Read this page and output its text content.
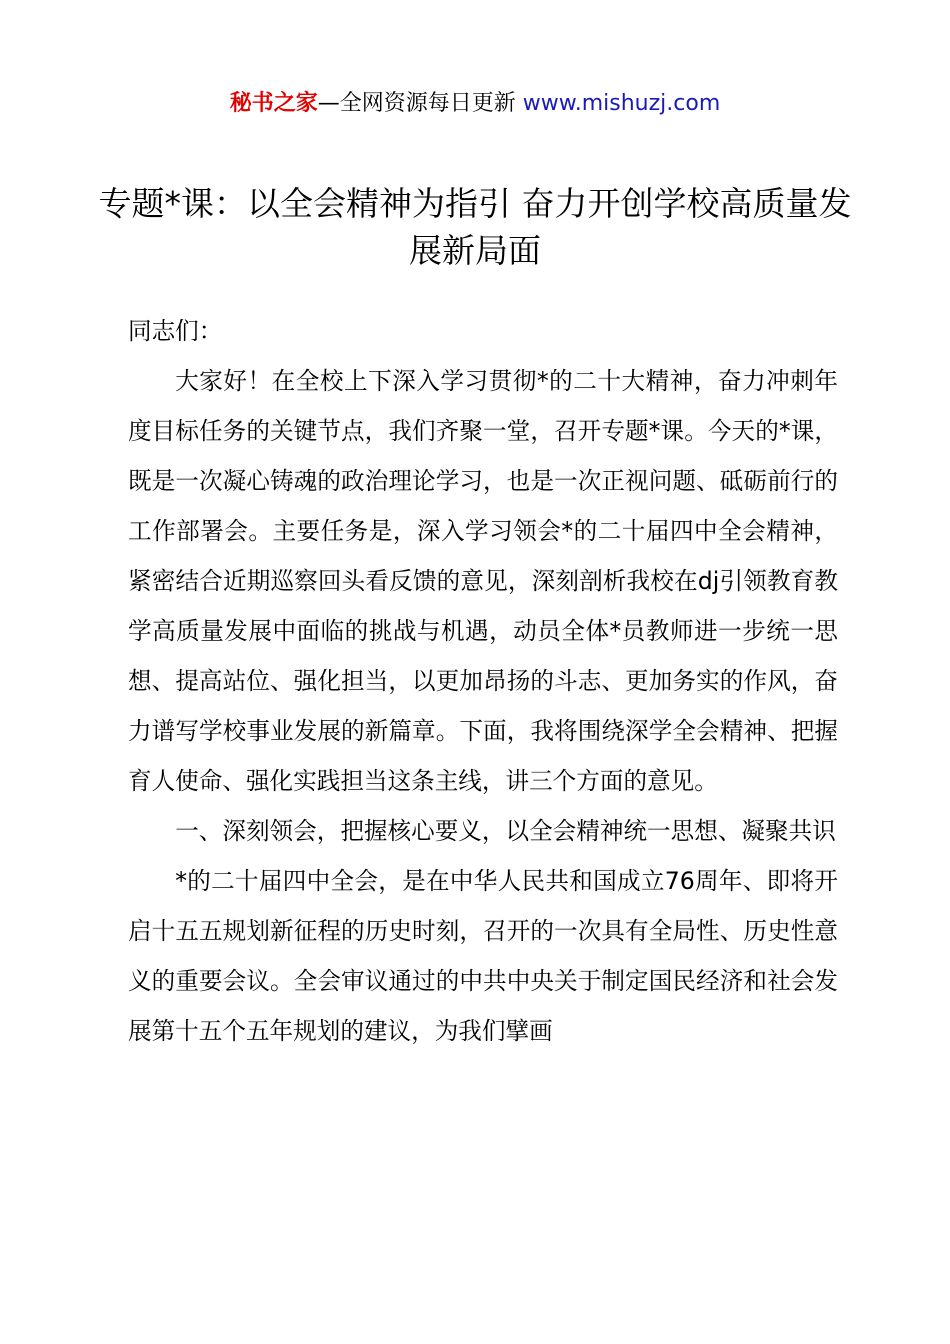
秘书之家—全网资源每日更新 www.mishuzj.com
专题*课：以全会精神为指引 奋力开创学校高质量发展新局面

同志们：

大家好！在全校上下深入学习贯彻*的二十大精神，奋力冲刺年度目标任务的关键节点，我们齐聚一堂，召开专题*课。今天的*课，既是一次凝心铸魂的政治理论学习，也是一次正视问题、砥砺前行的工作部署会。主要任务是，深入学习领会*的二十届四中全会精神，紧密结合近期巡察回头看反馈的意见，深刻剖析我校在dj引领教育教学高质量发展中面临的挑战与机遇，动员全体*员教师进一步统一思想、提高站位、强化担当，以更加昂扬的斗志、更加务实的作风，奋力谱写学校事业发展的新篇章。下面，我将围绕深学全会精神、把握育人使命、强化实践担当这条主线，讲三个方面的意见。

一、深刻领会，把握核心要义，以全会精神统一思想、凝聚共识

*的二十届四中全会，是在中华人民共和国成立76周年、即将开启十五五规划新征程的历史时刻，召开的一次具有全局性、历史性意义的重要会议。全会审议通过的中共中央关于制定国民经济和社会发展第十五个五年规划的建议，为我们擘画
